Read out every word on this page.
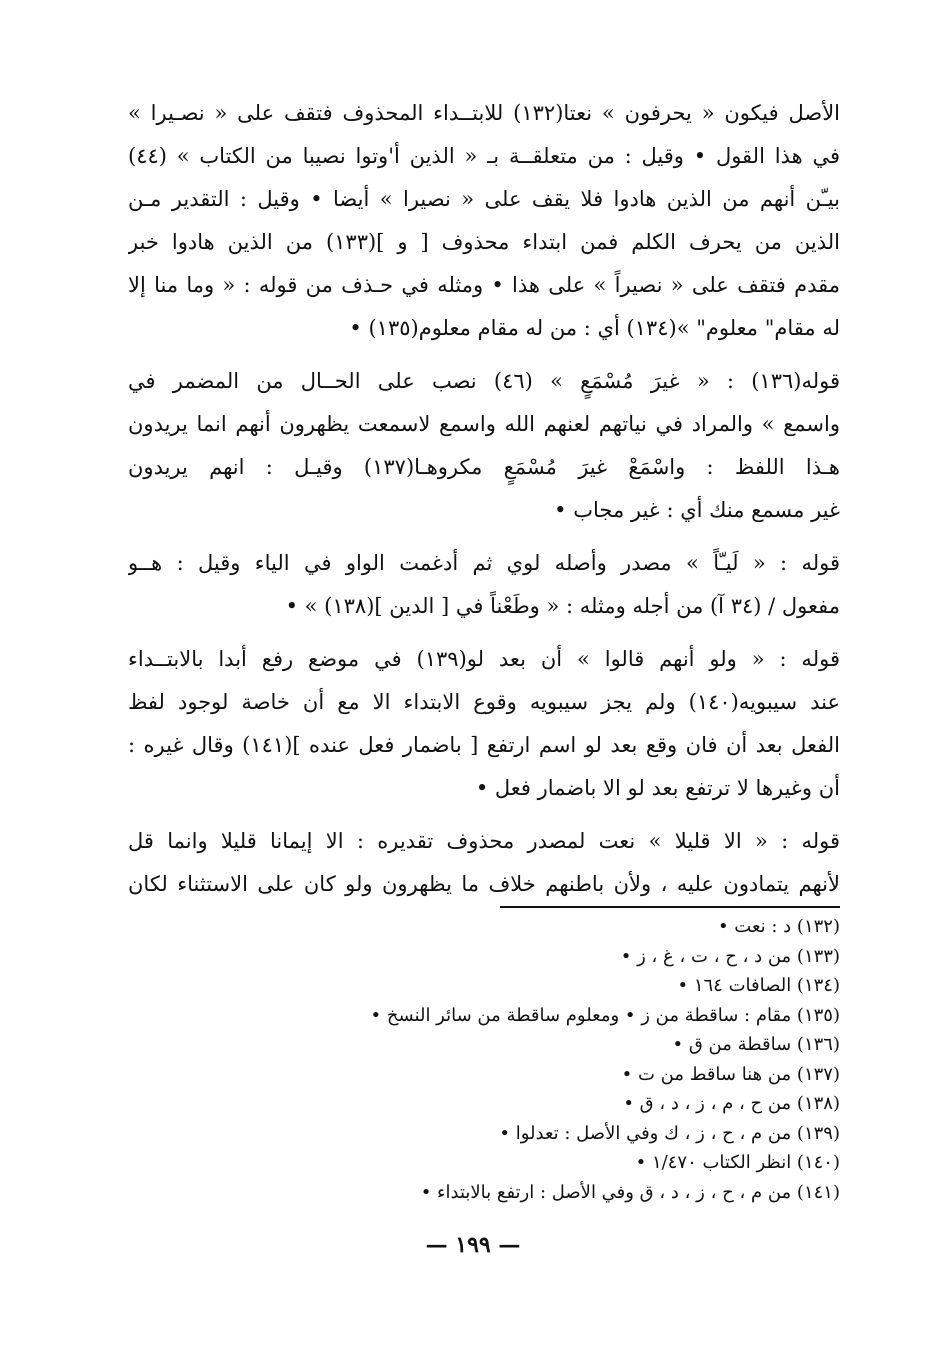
الأصل فيكون « يحرفون » نعتا(١٣٢) للابتــداء المحذوف فتقف على « نصـيرا »
في هذا القول • وقيل : من متعلقــة بـ « الذين أ'وتوا نصيبا من الكتاب » (٤٤)
بيـّن أنهم من الذين هادوا فلا يقف على « نصيرا » أيضا • وقيل : التقدير مـن
الذين من يحرف الكلم فمن ابتداء محذوف [ و ](١٣٣) من الذين هادوا خبر
مقدم فتقف على « نصيراً » على هذا • ومثله في حـذف من قوله : « وما منا إلا
له مقام" معلوم" »(١٣٤) أي : من له مقام معلوم(١٣٥) •

قوله(١٣٦) : « غيرَ مُسْمَعٍ » (٤٦) نصب على الحــال من المضمر في
واسمع » والمراد في نياتهم لعنهم الله واسمع لاسمعت يظهرون أنهم انما يريدون
هـذا اللفظ : واسْمَعْ غيرَ مُسْمَعٍ مكروهـا(١٣٧) وقيـل : انهم يريدون
غير مسمع منك أي : غير مجاب •

قوله : « لَيـّاً » مصدر وأصله لوي ثم أدغمت الواو في الياء وقيل : هــو
مفعول / (٣٤ آ) من أجله ومثله : « وطَعْناً في [ الدين ](١٣٨) » •

قوله : « ولو أنهم قالوا » أن بعد لو(١٣٩) في موضع رفع أبدا بالابتــداء
عند سيبويه(١٤٠) ولم يجز سيبويه وقوع الابتداء الا مع أن خاصة لوجود لفظ
الفعل بعد أن فان وقع بعد لو اسم ارتفع [ باضمار فعل عنده ](١٤١) وقال غيره :
أن وغيرها لا ترتفع بعد لو الا باضمار فعل •

قوله : « الا قليلا » نعت لمصدر محذوف تقديره : الا إيمانا قليلا وانما قل
لأنهم يتمادون عليه ، ولأن باطنهم خلاف ما يظهرون ولو كان على الاستثناء لكان

(١٣٢) د : نعت •
(١٣٣) من د ، ح ، ت ، غ ، ز •
(١٣٤) الصافات ١٦٤ •
(١٣٥) مقام : ساقطة من ز • ومعلوم ساقطة من سائر النسخ •
(١٣٦) ساقطة من ق •
(١٣٧) من هنا ساقط من ت •
(١٣٨) من ح ، م ، ز ، د ، ق •
(١٣٩) من م ، ح ، ز ، ك وفي الأصل : تعدلوا •
(١٤٠) انظر الكتاب ١/٤٧٠ •
(١٤١) من م ، ح ، ز ، د ، ق وفي الأصل : ارتفع بالابتداء •
— ١٩٩ —
